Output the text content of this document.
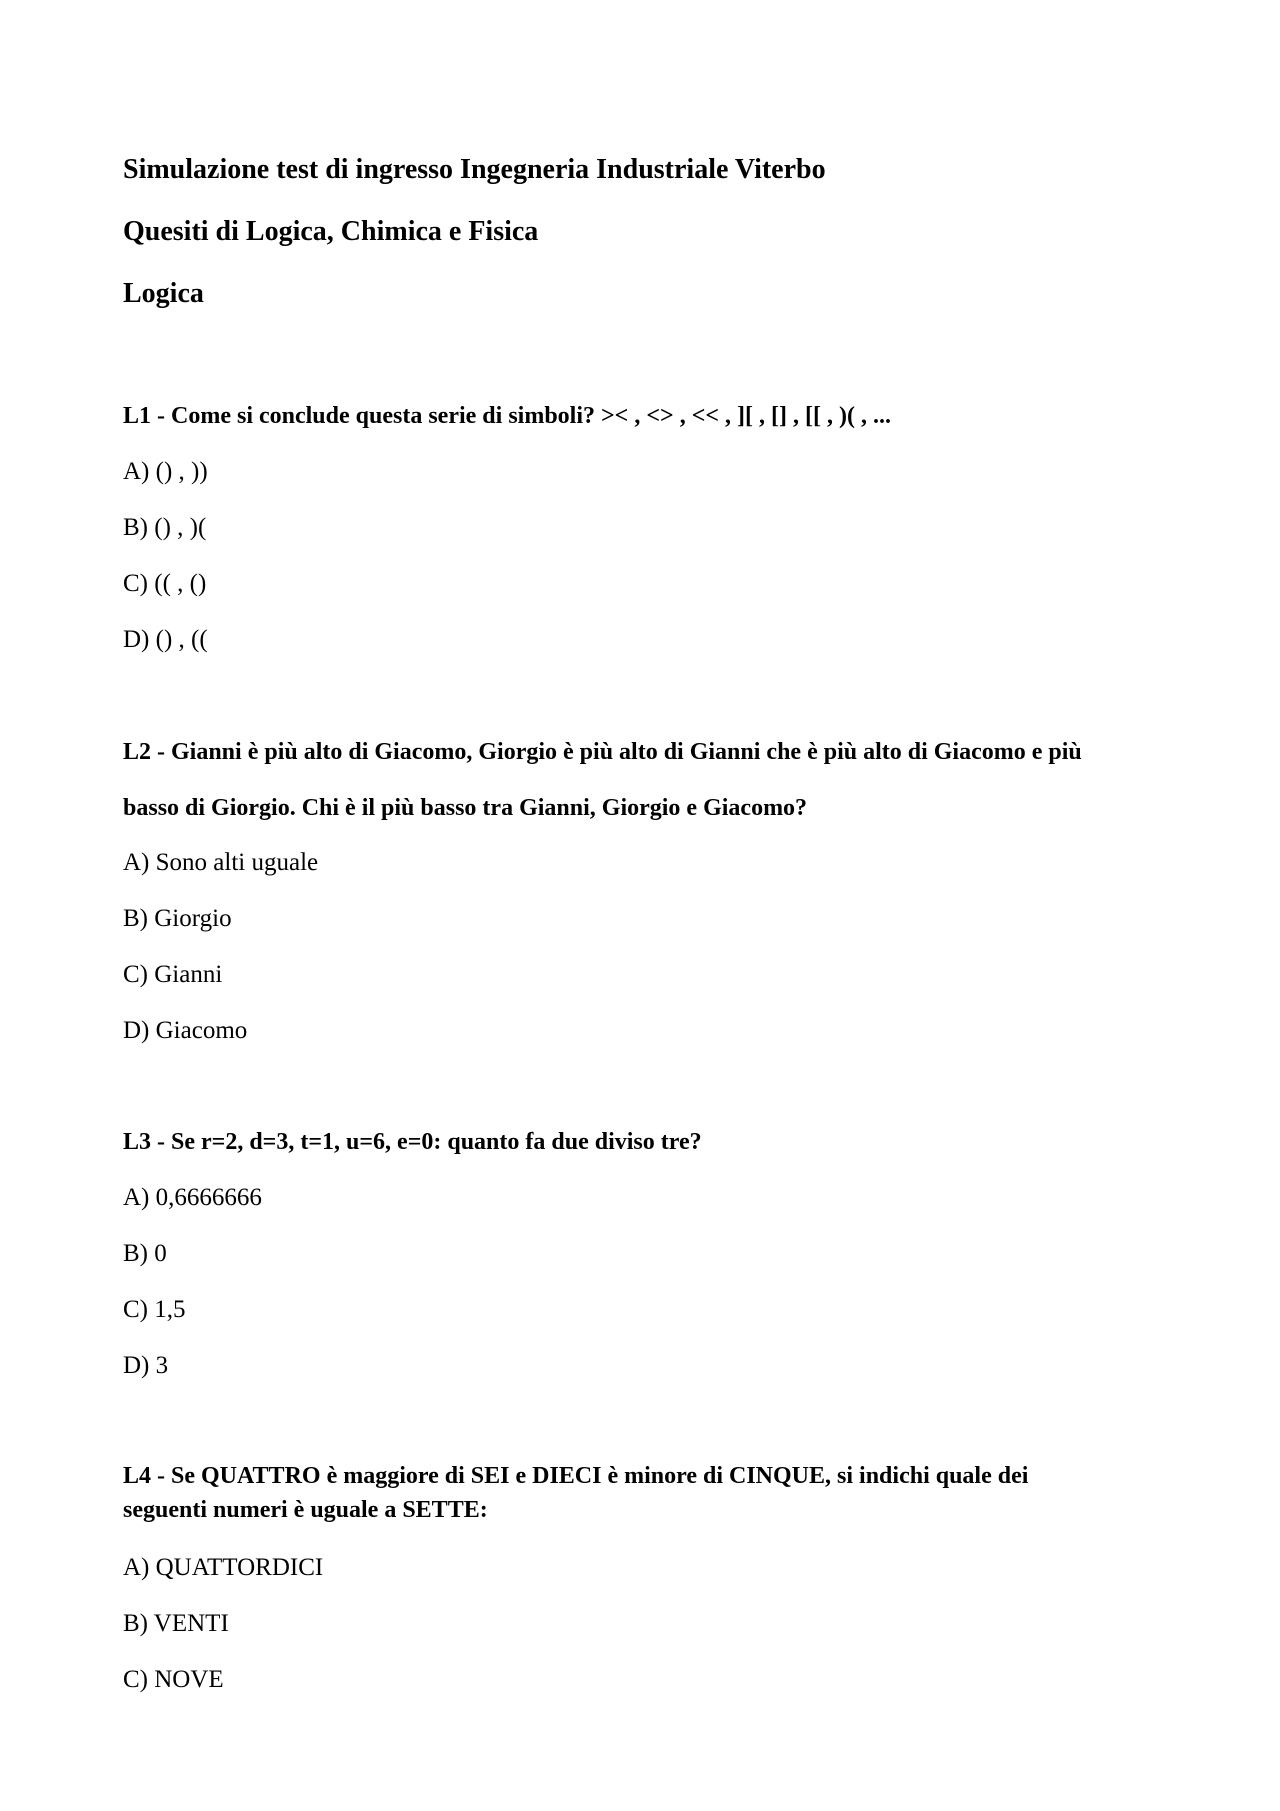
Simulazione test di ingresso Ingegneria Industriale Viterbo
Quesiti di Logica, Chimica e Fisica
Logica
L1 - Come si conclude questa serie di simboli? >< , <> , << , ][ , [] , [[ , )( , ...
A) () , ))
B) () , )(
C) (( , ()
D) () , ((
L2 - Gianni è più alto di Giacomo, Giorgio è più alto di Gianni che è più alto di Giacomo e più
basso di Giorgio. Chi è il più basso tra Gianni, Giorgio e Giacomo?
A) Sono alti uguale
B) Giorgio
C) Gianni
D) Giacomo
L3 - Se r=2, d=3, t=1, u=6, e=0: quanto fa due diviso tre?
A) 0,6666666
B) 0
C) 1,5
D) 3
L4 - Se QUATTRO è maggiore di SEI e DIECI è minore di CINQUE, si indichi quale dei
seguenti numeri è uguale a SETTE:
A) QUATTORDICI
B) VENTI
C) NOVE
